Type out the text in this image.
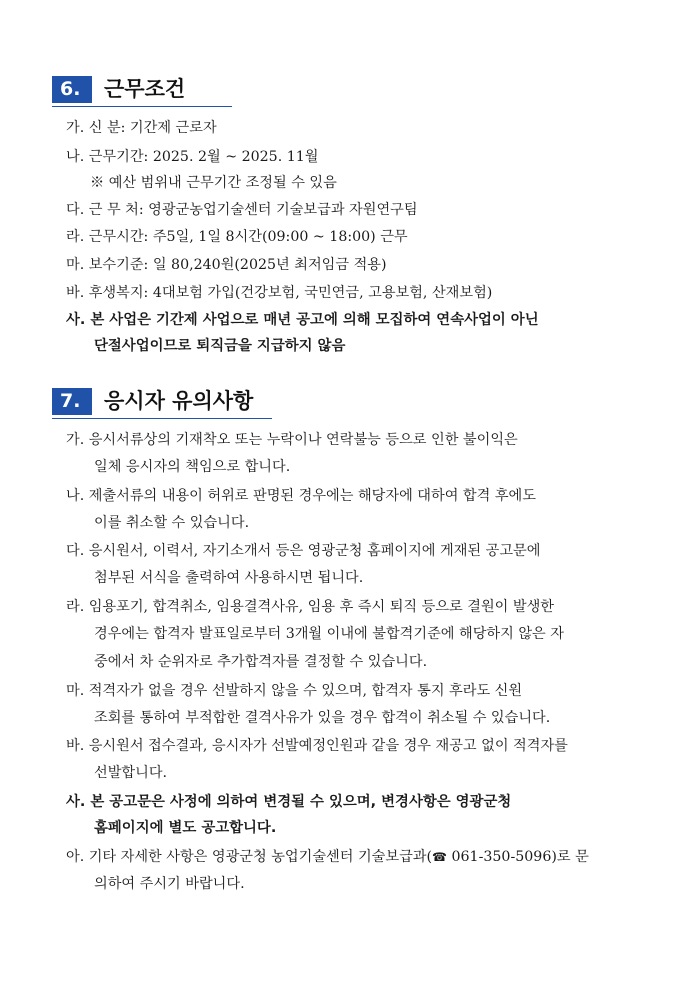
6.	근무조건
가. 신 분: 기간제 근로자
나. 근무기간: 2025. 2월 ~ 2025. 11월
※ 예산 범위내 근무기간 조정될 수 있음
다. 근 무 처: 영광군농업기술센터 기술보급과 자원연구팀
라. 근무시간: 주5일, 1일 8시간(09:00 ~ 18:00) 근무
마. 보수기준: 일 80,240원(2025년 최저임금 적용)
바. 후생복지: 4대보험 가입(건강보험, 국민연금, 고용보험, 산재보험)
사. 본 사업은 기간제 사업으로 매년 공고에 의해 모집하여 연속사업이 아닌
단절사업이므로 퇴직금을 지급하지 않음
7.	응시자 유의사항
가. 응시서류상의 기재착오 또는 누락이나 연락불능 등으로 인한 불이익은
일체 응시자의 책임으로 합니다.
나. 제출서류의 내용이 허위로 판명된 경우에는 해당자에 대하여 합격 후에도
이를 취소할 수 있습니다.
다. 응시원서, 이력서, 자기소개서 등은 영광군청 홈페이지에 게재된 공고문에
첨부된 서식을 출력하여 사용하시면 됩니다.
라. 임용포기, 합격취소, 임용결격사유, 임용 후 즉시 퇴직 등으로 결원이 발생한
경우에는 합격자 발표일로부터 3개월 이내에 불합격기준에 해당하지 않은 자
중에서 차 순위자로 추가합격자를 결정할 수 있습니다.
마. 적격자가 없을 경우 선발하지 않을 수 있으며, 합격자 통지 후라도 신원
조회를 통하여 부적합한 결격사유가 있을 경우 합격이 취소될 수 있습니다.
바. 응시원서 접수결과, 응시자가 선발예정인원과 같을 경우 재공고 없이 적격자를
선발합니다.
사. 본 공고문은 사정에 의하여 변경될 수 있으며, 변경사항은 영광군청
홈페이지에 별도 공고합니다.
아. 기타 자세한 사항은 영광군청 농업기술센터 기술보급과(☎ 061-350-5096)로 문
의하여 주시기 바랍니다.
